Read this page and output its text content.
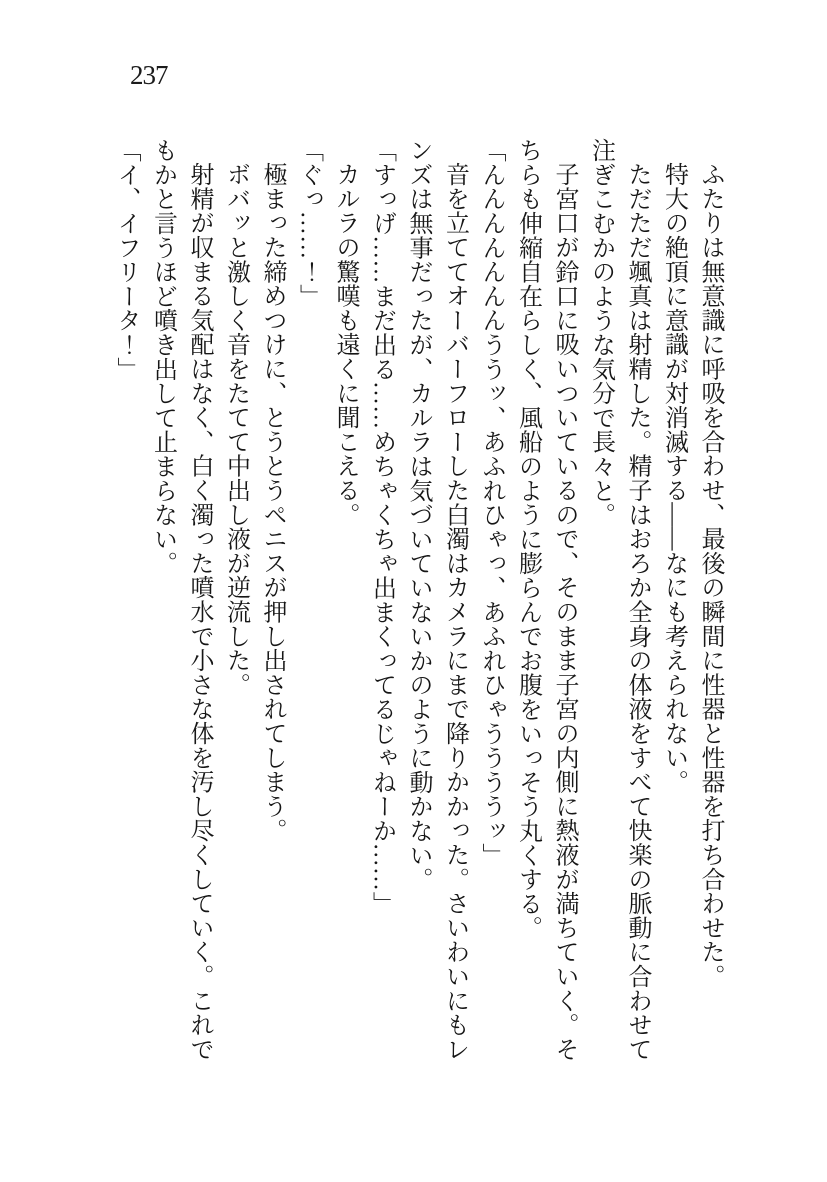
237

ふたりは無意識に呼吸を合わせ、最後の瞬間に性器と性器を打ち合わせた。

特大の絶頂に意識が対消滅する――なにも考えられない。

ただただ颯真は射精した。精子はおろか全身の体液をすべて快楽の脈動に合わせて注ぎこむかのような気分で長々と。

子宮口が鈴口に吸いついているので、そのまま子宮の内側に熱液が満ちていく。そちらも伸縮自在らしく、風船のように膨らんでお腹をいっそう丸くする。

「んんんんんんんううッ、あふれひゃっ、あふれひゃううううッ」

音を立ててオーバーフローした白濁はカメラにまで降りかかった。さいわいにもレンズは無事だったが、カルラは気づいていないかのように動かない。

「すっげ……まだ出る……めちゃくちゃ出まくってるじゃねーか……」

カルラの驚嘆も遠くに聞こえる。

「ぐっ……！」

極まった締めつけに、とうとうペニスが押し出されてしまう。

ボバッと激しく音をたてて中出し液が逆流した。

射精が収まる気配はなく、白く濁った噴水で小さな体を汚し尽くしていく。これでもかと言うほど噴き出して止まらない。

「イ、イフリータ！」
